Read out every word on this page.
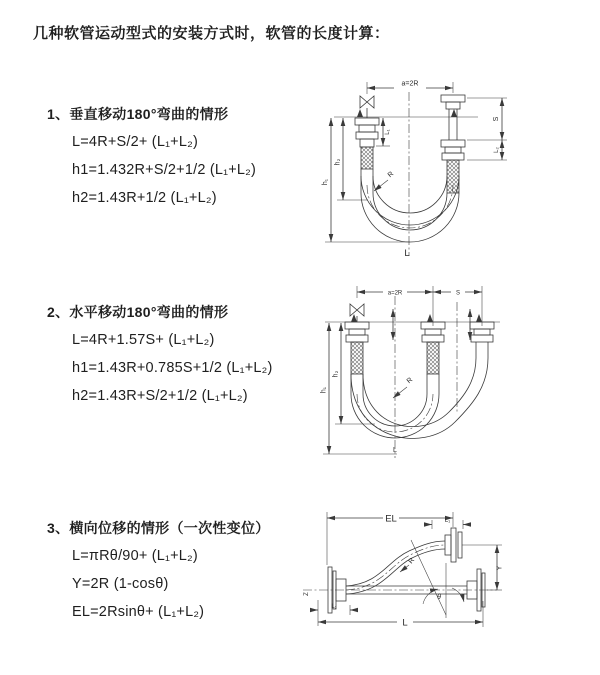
几种软管运动型式的安装方式时，软管的长度计算：
1、垂直移动180°弯曲的情形
L=4R+S/2+ (L₁+L₂)
h1=1.432R+S/2+1/2 (L₁+L₂)
h2=1.43R+1/2 (L₁+L₂)
2、水平移动180°弯曲的情形
L=4R+1.57S+ (L₁+L₂)
h1=1.43R+0.785S+1/2 (L₁+L₂)
h2=1.43R+S/2+1/2 (L₁+L₂)
3、横向位移的情形（一次性变位）
L=πRθ/90+ (L₁+L₂)
Y=2R (1-cosθ)
EL=2Rsinθ+ (L₁+L₂)
a=2R
h₁
h₂
L₁
S
L₂
R
L
a=2R	S
h₁
h₂
R
L
EL	L₁
Y
R
θ
Z
L₁
L
